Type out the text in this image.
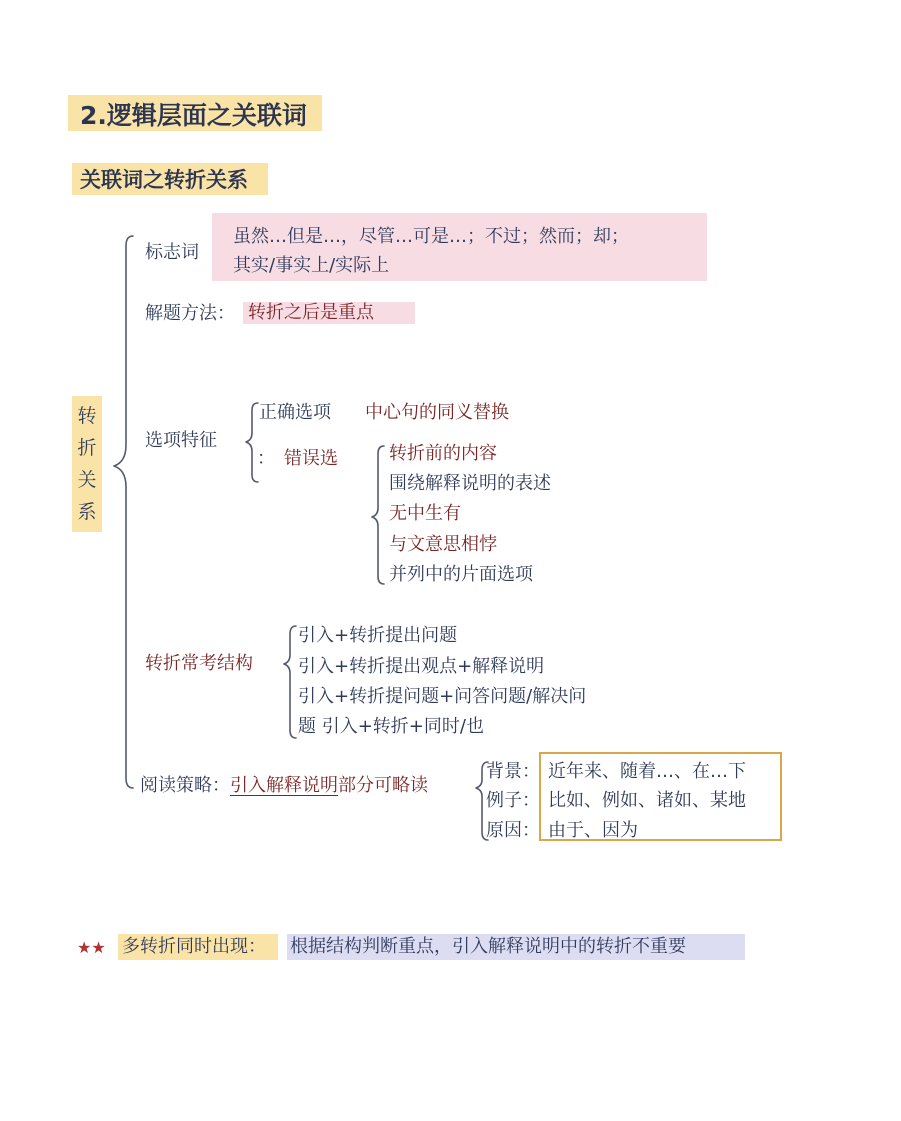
2.逻辑层面之关联词
关联词之转折关系
转
折
关
系
标志词
虽然…但是…，尽管…可是…；不过；然而；却；
其实/事实上/实际上
解题方法： 转折之后是重点
选项特征
正确选项 中心句的同义替换
： 错误选	转折前的内容
围绕解释说明的表述
无中生有
与文意思相悖
并列中的片面选项
转折常考结构
引入+转折提出问题
引入+转折提出观点+解释说明
引入+转折提问题+问答问题/解决问
题 引入+转折+同时/也
阅读策略：引入解释说明部分可略读
背景：
例子：
原因：
近年来、随着…、在…下
比如、例如、诸如、某地
由于、因为
★★ 多转折同时出现： 根据结构判断重点，引入解释说明中的转折不重要
